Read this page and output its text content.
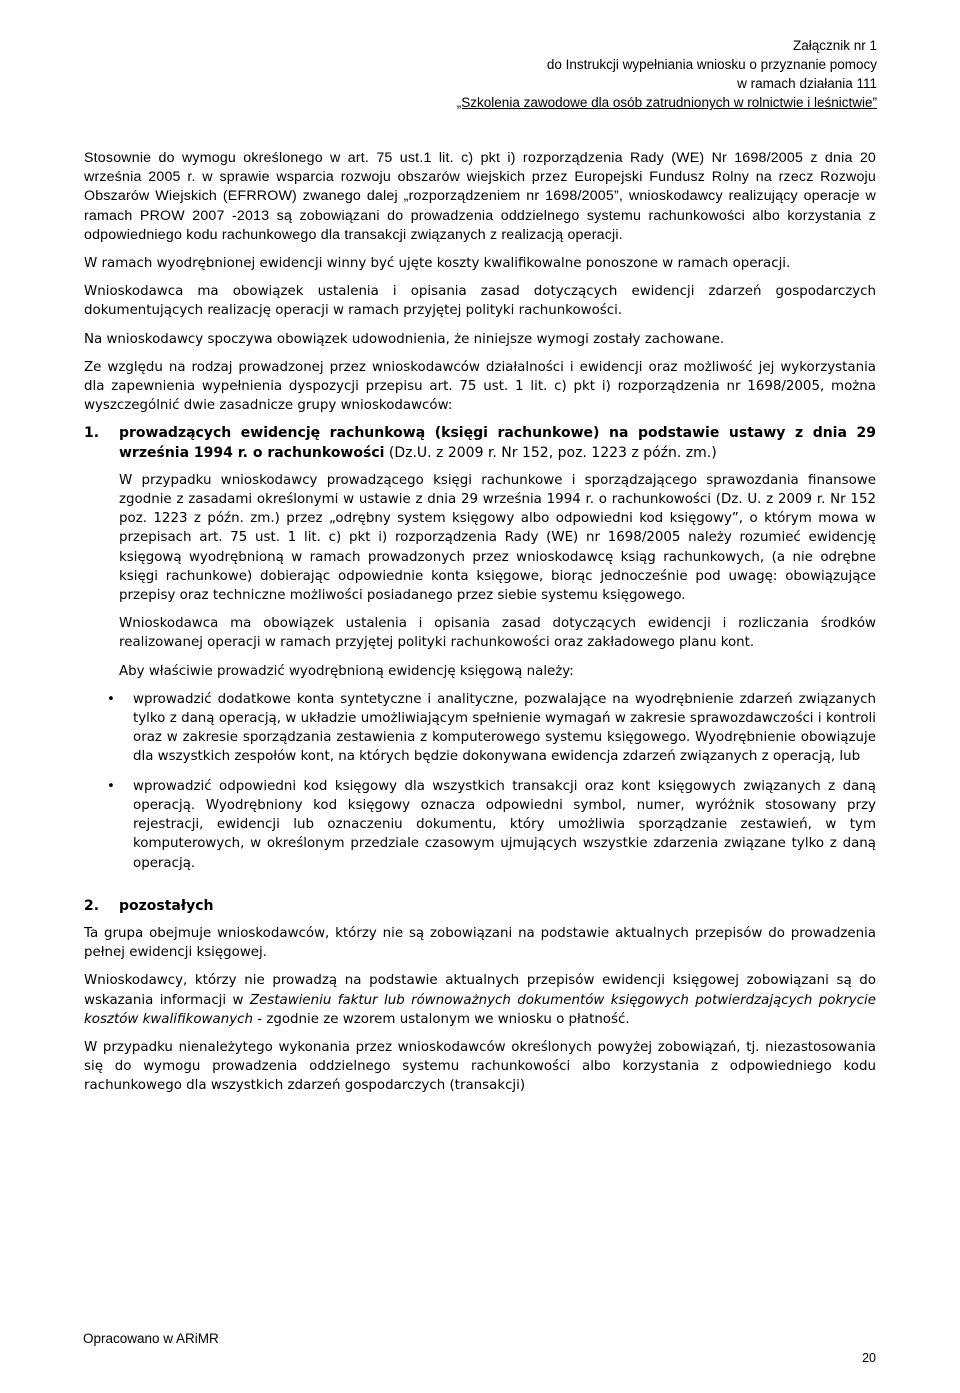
Załącznik nr 1
do Instrukcji wypełniania wniosku o przyznanie pomocy
w ramach działania 111
„Szkolenia zawodowe dla osób zatrudnionych w rolnictwie i leśnictwie”

Stosownie do wymogu określonego w art. 75 ust.1 lit. c) pkt i) rozporządzenia Rady (WE) Nr 1698/2005 z dnia 20 września 2005 r. w sprawie wsparcia rozwoju obszarów wiejskich przez Europejski Fundusz Rolny na rzecz Rozwoju Obszarów Wiejskich (EFRROW) zwanego dalej „rozporządzeniem nr 1698/2005”, wnioskodawcy realizujący operacje w ramach PROW 2007 -2013 są zobowiązani do prowadzenia oddzielnego systemu rachunkowości albo korzystania z odpowiedniego kodu rachunkowego dla transakcji związanych z realizacją operacji.

W ramach wyodrębnionej ewidencji winny być ujęte koszty kwalifikowalne ponoszone w ramach operacji.

Wnioskodawca ma obowiązek ustalenia i opisania zasad dotyczących ewidencji zdarzeń gospodarczych dokumentujących realizację operacji w ramach przyjętej polityki rachunkowości.

Na wnioskodawcy spoczywa obowiązek udowodnienia, że niniejsze wymogi zostały zachowane.

Ze względu na rodzaj prowadzonej przez wnioskodawców działalności i ewidencji oraz możliwość jej wykorzystania dla zapewnienia wypełnienia dyspozycji przepisu art. 75 ust. 1 lit. c) pkt i) rozporządzenia nr 1698/2005, można wyszczególnić dwie zasadnicze grupy wnioskodawców:

1. prowadzących ewidencję rachunkową (księgi rachunkowe) na podstawie ustawy z dnia 29 września 1994 r. o rachunkowości (Dz.U. z 2009 r. Nr 152, poz. 1223 z późn. zm.)

W przypadku wnioskodawcy prowadzącego księgi rachunkowe i sporządzającego sprawozdania finansowe zgodnie z zasadami określonymi w ustawie z dnia 29 września 1994 r. o rachunkowości (Dz. U. z 2009 r. Nr 152 poz. 1223 z późn. zm.) przez „odrębny system księgowy albo odpowiedni kod księgowy”, o którym mowa w przepisach art. 75 ust. 1 lit. c) pkt i) rozporządzenia Rady (WE) nr 1698/2005 należy rozumieć ewidencję księgową wyodrębnioną w ramach prowadzonych przez wnioskodawcę ksiąg rachunkowych, (a nie odrębne księgi rachunkowe) dobierając odpowiednie konta księgowe, biorąc jednocześnie pod uwagę: obowiązujące przepisy oraz techniczne możliwości posiadanego przez siebie systemu księgowego.

Wnioskodawca ma obowiązek ustalenia i opisania zasad dotyczących ewidencji i rozliczania środków realizowanej operacji w ramach przyjętej polityki rachunkowości oraz zakładowego planu kont.

Aby właściwie prowadzić wyodrębnioną ewidencję księgową należy:

• wprowadzić dodatkowe konta syntetyczne i analityczne, pozwalające na wyodrębnienie zdarzeń związanych tylko z daną operacją, w układzie umożliwiającym spełnienie wymagań w zakresie sprawozdawczości i kontroli oraz w zakresie sporządzania zestawienia z komputerowego systemu księgowego. Wyodrębnienie obowiązuje dla wszystkich zespołów kont, na których będzie dokonywana ewidencja zdarzeń związanych z operacją, lub
• wprowadzić odpowiedni kod księgowy dla wszystkich transakcji oraz kont księgowych związanych z daną operacją. Wyodrębniony kod księgowy oznacza odpowiedni symbol, numer, wyróżnik stosowany przy rejestracji, ewidencji lub oznaczeniu dokumentu, który umożliwia sporządzanie zestawień, w tym komputerowych, w określonym przedziale czasowym ujmujących wszystkie zdarzenia związane tylko z daną operacją.
2. pozostałych

Ta grupa obejmuje wnioskodawców, którzy nie są zobowiązani na podstawie aktualnych przepisów do prowadzenia pełnej ewidencji księgowej.

Wnioskodawcy, którzy nie prowadzą na podstawie aktualnych przepisów ewidencji księgowej zobowiązani są do wskazania informacji w Zestawieniu faktur lub równoważnych dokumentów księgowych potwierdzających pokrycie kosztów kwalifikowanych - zgodnie ze wzorem ustalonym we wniosku o płatność.

W przypadku nienależytego wykonania przez wnioskodawców określonych powyżej zobowiązań, tj. niezastosowania się do wymogu prowadzenia oddzielnego systemu rachunkowości albo korzystania z odpowiedniego kodu rachunkowego dla wszystkich zdarzeń gospodarczych (transakcji)

Opracowano w ARiMR
20
